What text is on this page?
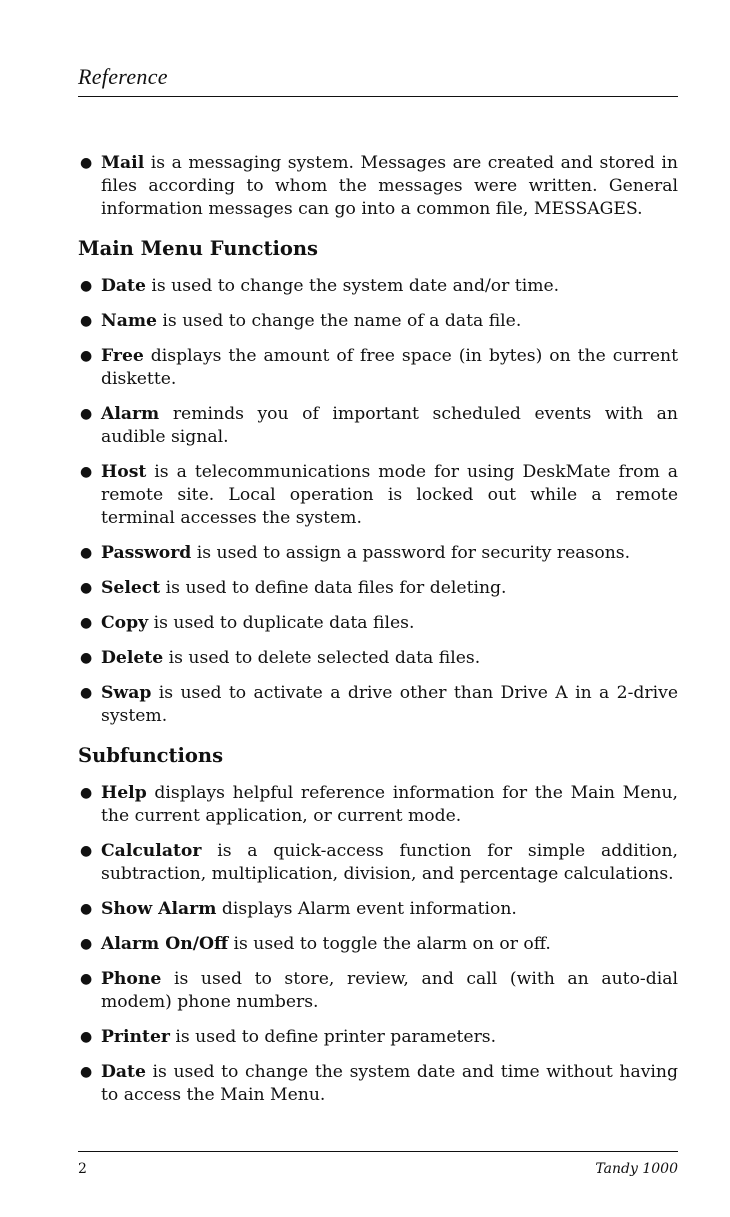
Reference
● Mail is a messaging system. Messages are created and stored in files according to whom the messages were written. General information messages can go into a common file, MESSAGES.
Main Menu Functions
● Date is used to change the system date and/or time.
● Name is used to change the name of a data file.
● Free displays the amount of free space (in bytes) on the current diskette.
● Alarm reminds you of important scheduled events with an audible signal.
● Host is a telecommunications mode for using DeskMate from a remote site. Local operation is locked out while a remote terminal accesses the system.
● Password is used to assign a password for security reasons.
● Select is used to define data files for deleting.
● Copy is used to duplicate data files.
● Delete is used to delete selected data files.
● Swap is used to activate a drive other than Drive A in a 2-drive system.
Subfunctions
● Help displays helpful reference information for the Main Menu, the current application, or current mode.
● Calculator is a quick-access function for simple addition, subtraction, multiplication, division, and percentage calculations.
● Show Alarm displays Alarm event information.
● Alarm On/Off is used to toggle the alarm on or off.
● Phone is used to store, review, and call (with an auto-dial modem) phone numbers.
● Printer is used to define printer parameters.
● Date is used to change the system date and time without having to access the Main Menu.
2	Tandy 1000
